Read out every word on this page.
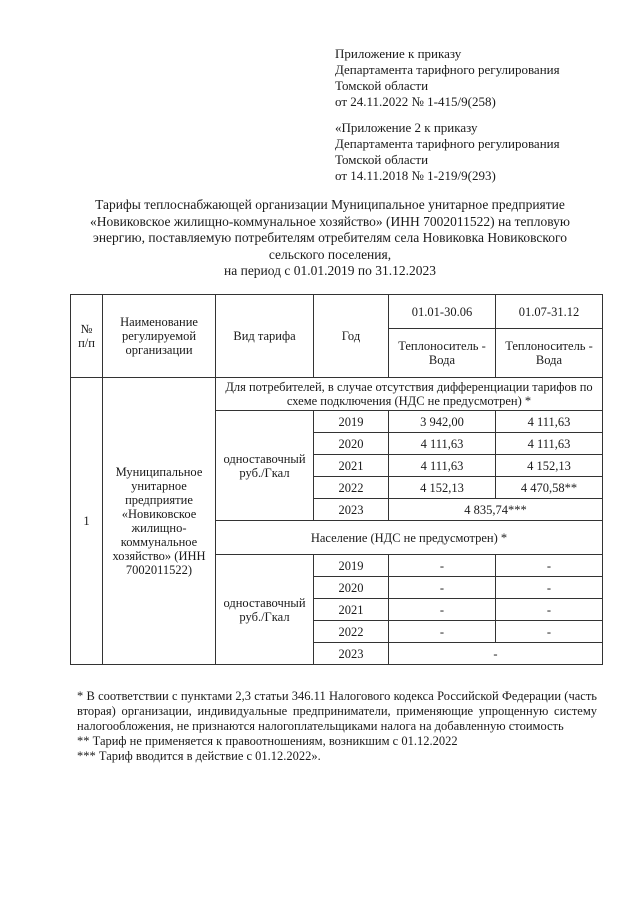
Приложение к приказу
Департамента тарифного регулирования
Томской области
от 24.11.2022 № 1-415/9(258)
«Приложение 2 к приказу
Департамента тарифного регулирования
Томской области
от 14.11.2018 № 1-219/9(293)
Тарифы теплоснабжающей организации Муниципальное унитарное предприятие
«Новиковское жилищно-коммунальное хозяйство» (ИНН 7002011522) на тепловую
энергию, поставляемую потребителям отребителям села Новиковка Новиковского
сельского поселения,
на период с 01.01.2019 по 31.12.2023
№ п/п	Наименование регулируемой организации	Вид тарифа	Год	01.01-30.06	01.07-31.12
				Теплоноситель - Вода	Теплоноситель - Вода
1	Муниципальное унитарное предприятие «Новиковское жилищно-коммунальное хозяйство» (ИНН 7002011522)	Для потребителей, в случае отсутствия дифференциации тарифов по схеме подключения (НДС не предусмотрен) *			
		одноставочный руб./Гкал	2019	3 942,00	4 111,63
			2020	4 111,63	4 111,63
			2021	4 111,63	4 152,13
			2022	4 152,13	4 470,58**
			2023	4 835,74***	
		Население (НДС не предусмотрен) *			
		одноставочный руб./Гкал	2019	-	-
			2020	-	-
			2021	-	-
			2022	-	-
			2023	-	

* В соответствии с пунктами 2,3 статьи 346.11 Налогового кодекса Российской Федерации (часть вторая) организации, индивидуальные предприниматели, применяющие упрощенную систему налогообложения, не признаются налогоплательщиками налога на добавленную стоимость

** Тариф не применяется к правоотношениям, возникшим с 01.12.2022

*** Тариф вводится в действие с 01.12.2022».
